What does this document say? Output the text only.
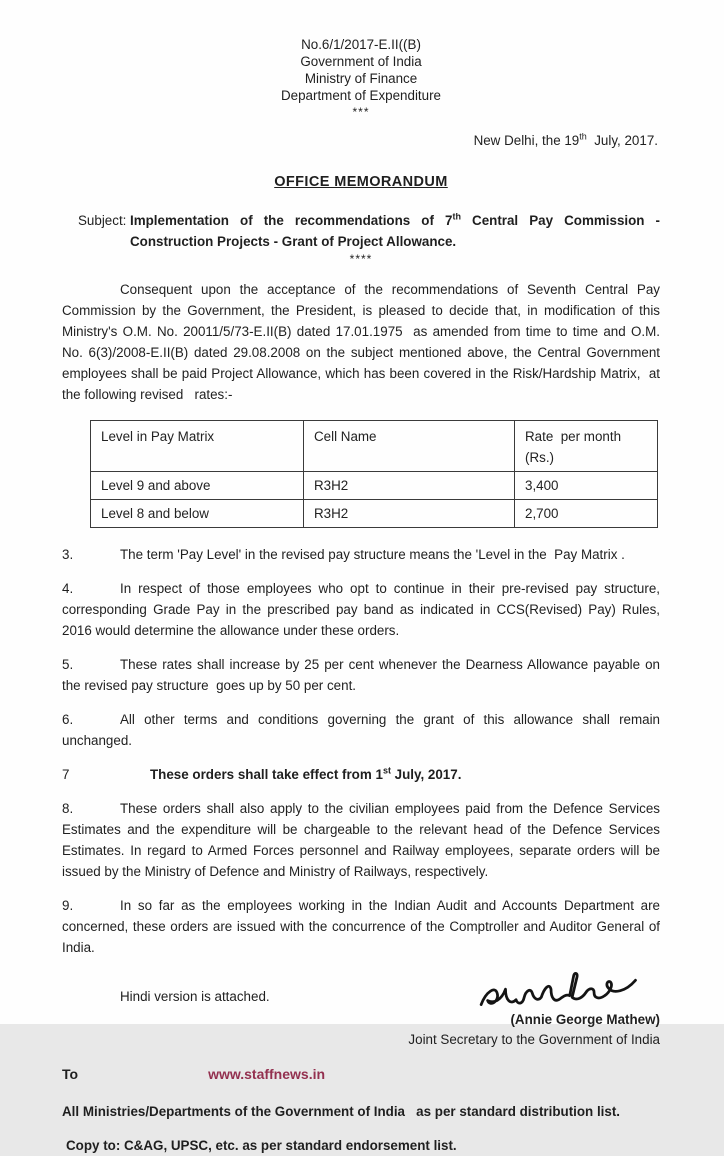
No.6/1/2017-E.II((B)
Government of India
Ministry of Finance
Department of Expenditure
***
New Delhi, the 19th  July, 2017.
OFFICE MEMORANDUM
Subject: Implementation of the recommendations of 7th Central Pay Commission -  Construction Projects - Grant of Project Allowance.
****

Consequent upon the acceptance of the recommendations of Seventh Central Pay Commission by the Government, the President, is pleased to decide that, in modification of this Ministry's O.M. No. 20011/5/73-E.II(B) dated 17.01.1975  as amended from time to time and O.M. No. 6(3)/2008-E.II(B) dated 29.08.2008 on the subject mentioned above, the Central Government employees shall be paid Project Allowance, which has been covered in the Risk/Hardship Matrix,  at the following revised   rates:-

Level in Pay Matrix	Cell Name	Rate  per month (Rs.)
Level 9 and above	R3H2	3,400
Level 8 and below	R3H2	2,700

3.	The term 'Pay Level' in the revised pay structure means the 'Level in the  Pay Matrix .

4.	In respect of those employees who opt to continue in their pre-revised pay structure, corresponding Grade Pay in the prescribed pay band as indicated in CCS(Revised) Pay) Rules, 2016 would determine the allowance under these orders.

5.	These rates shall increase by 25 per cent whenever the Dearness Allowance payable on the revised pay structure  goes up by 50 per cent.

6.	All other terms and conditions governing the grant of this allowance shall remain unchanged.

7	These orders shall take effect from 1st July, 2017.

8.	These orders shall also apply to the civilian employees paid from the Defence Services Estimates and the expenditure will be chargeable to the relevant head of the Defence Services Estimates. In regard to Armed Forces personnel and Railway employees, separate orders will be issued by the Ministry of Defence and Ministry of Railways, respectively.

9.	In so far as the employees working in the Indian Audit and Accounts Department are concerned, these orders are issued with the concurrence of the Comptroller and Auditor General of India.

Hindi version is attached.
(Annie George Mathew)
Joint Secretary to the Government of India
To	www.staffnews.in

All Ministries/Departments of the Government of India   as per standard distribution list.

Copy to: C&AG, UPSC, etc. as per standard endorsement list.
